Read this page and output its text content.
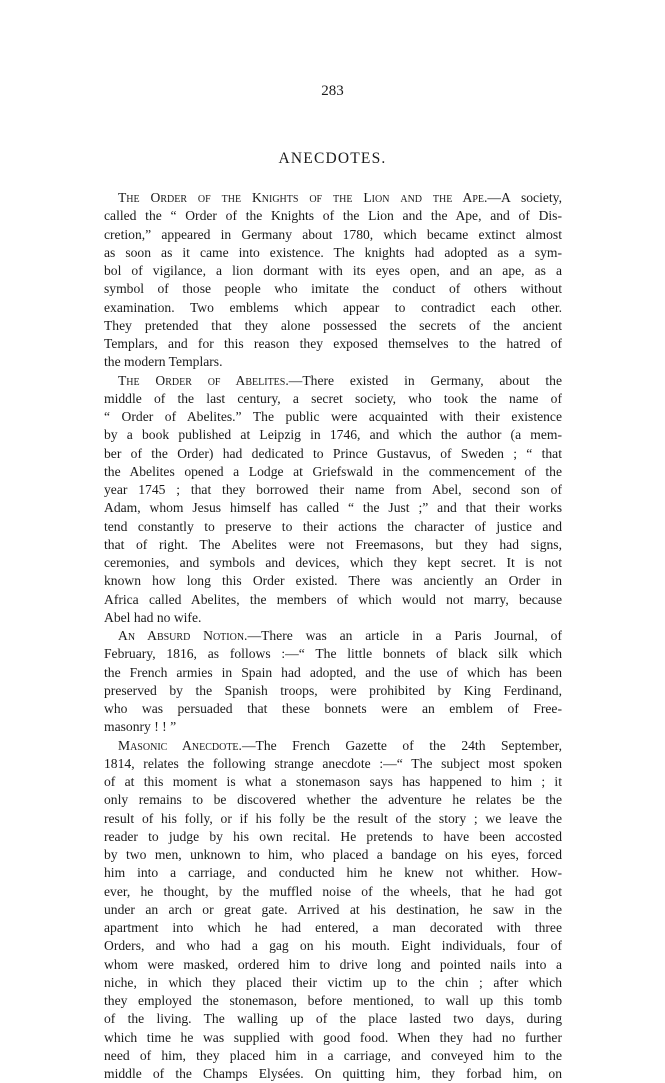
283
ANECDOTES.
The Order of the Knights of the Lion and the Ape.—A society,
called the “ Order of the Knights of the Lion and the Ape, and of Dis-
cretion,” appeared in Germany about 1780, which became extinct almost
as soon as it came into existence. The knights had adopted as a sym-
bol of vigilance, a lion dormant with its eyes open, and an ape, as a
symbol of those people who imitate the conduct of others without
examination. Two emblems which appear to contradict each other.
They pretended that they alone possessed the secrets of the ancient
Templars, and for this reason they exposed themselves to the hatred of
the modern Templars.
The Order of Abelites.—There existed in Germany, about the
middle of the last century, a secret society, who took the name of
“ Order of Abelites.” The public were acquainted with their existence
by a book published at Leipzig in 1746, and which the author (a mem-
ber of the Order) had dedicated to Prince Gustavus, of Sweden ; “ that
the Abelites opened a Lodge at Griefswald in the commencement of the
year 1745 ; that they borrowed their name from Abel, second son of
Adam, whom Jesus himself has called “ the Just ;” and that their works
tend constantly to preserve to their actions the character of justice and
that of right. The Abelites were not Freemasons, but they had signs,
ceremonies, and symbols and devices, which they kept secret. It is not
known how long this Order existed. There was anciently an Order in
Africa called Abelites, the members of which would not marry, because
Abel had no wife.
An Absurd Notion.—There was an article in a Paris Journal, of
February, 1816, as follows :—“ The little bonnets of black silk which
the French armies in Spain had adopted, and the use of which has been
preserved by the Spanish troops, were prohibited by King Ferdinand,
who was persuaded that these bonnets were an emblem of Free-
masonry ! ! ”
Masonic Anecdote.—The French Gazette of the 24th September,
1814, relates the following strange anecdote :—“ The subject most spoken
of at this moment is what a stonemason says has happened to him ; it
only remains to be discovered whether the adventure he relates be the
result of his folly, or if his folly be the result of the story ; we leave the
reader to judge by his own recital. He pretends to have been accosted
by two men, unknown to him, who placed a bandage on his eyes, forced
him into a carriage, and conducted him he knew not whither. How-
ever, he thought, by the muffled noise of the wheels, that he had got
under an arch or great gate. Arrived at his destination, he saw in the
apartment into which he had entered, a man decorated with three
Orders, and who had a gag on his mouth. Eight individuals, four of
whom were masked, ordered him to drive long and pointed nails into a
niche, in which they placed their victim up to the chin ; after which
they employed the stonemason, before mentioned, to wall up this tomb
of the living. The walling up of the place lasted two days, during
which time he was supplied with good food. When they had no further
need of him, they placed him in a carriage, and conveyed him to the
middle of the Champs Elysées. On quitting him, they forbad him, on
